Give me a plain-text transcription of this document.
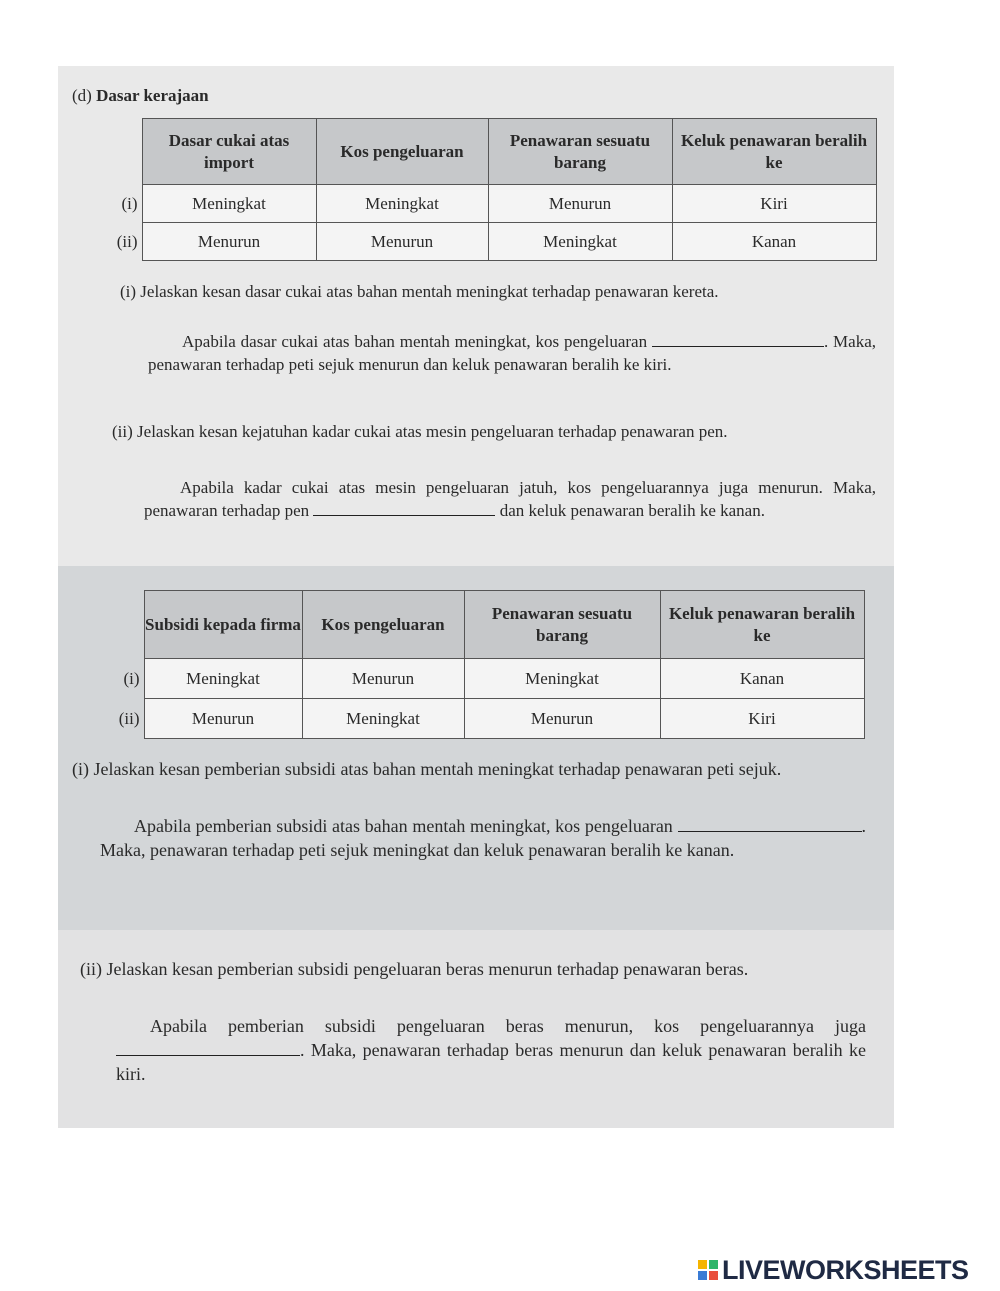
(d) Dasar kerajaan
	Dasar cukai atas import	Kos pengeluaran	Penawaran sesuatu barang	Keluk penawaran beralih ke
(i)	Meningkat	Meningkat	Menurun	Kiri
(ii)	Menurun	Menurun	Meningkat	Kanan
(i) Jelaskan kesan dasar cukai atas bahan mentah meningkat terhadap penawaran kereta.
Apabila dasar cukai atas bahan mentah meningkat, kos pengeluaran	. Maka, penawaran terhadap peti sejuk menurun dan keluk penawaran beralih ke kiri.
(ii) Jelaskan kesan kejatuhan kadar cukai atas mesin pengeluaran terhadap penawaran pen.
Apabila kadar cukai atas mesin pengeluaran jatuh, kos pengeluarannya juga menurun. Maka, penawaran terhadap pen	dan keluk penawaran beralih ke kanan.
	Subsidi kepada firma	Kos pengeluaran	Penawaran sesuatu barang	Keluk penawaran beralih ke
(i)	Meningkat	Menurun	Meningkat	Kanan
(ii)	Menurun	Meningkat	Menurun	Kiri
(i) Jelaskan kesan pemberian subsidi atas bahan mentah meningkat terhadap penawaran peti sejuk.
Apabila pemberian subsidi atas bahan mentah meningkat, kos pengeluaran	. Maka, penawaran terhadap peti sejuk meningkat dan keluk penawaran beralih ke kanan.
(ii) Jelaskan kesan pemberian subsidi pengeluaran beras menurun terhadap penawaran beras.
Apabila pemberian subsidi pengeluaran beras menurun, kos pengeluarannya juga . Maka, penawaran terhadap beras menurun dan keluk penawaran beralih ke kiri.
LIVEWORKSHEETS
